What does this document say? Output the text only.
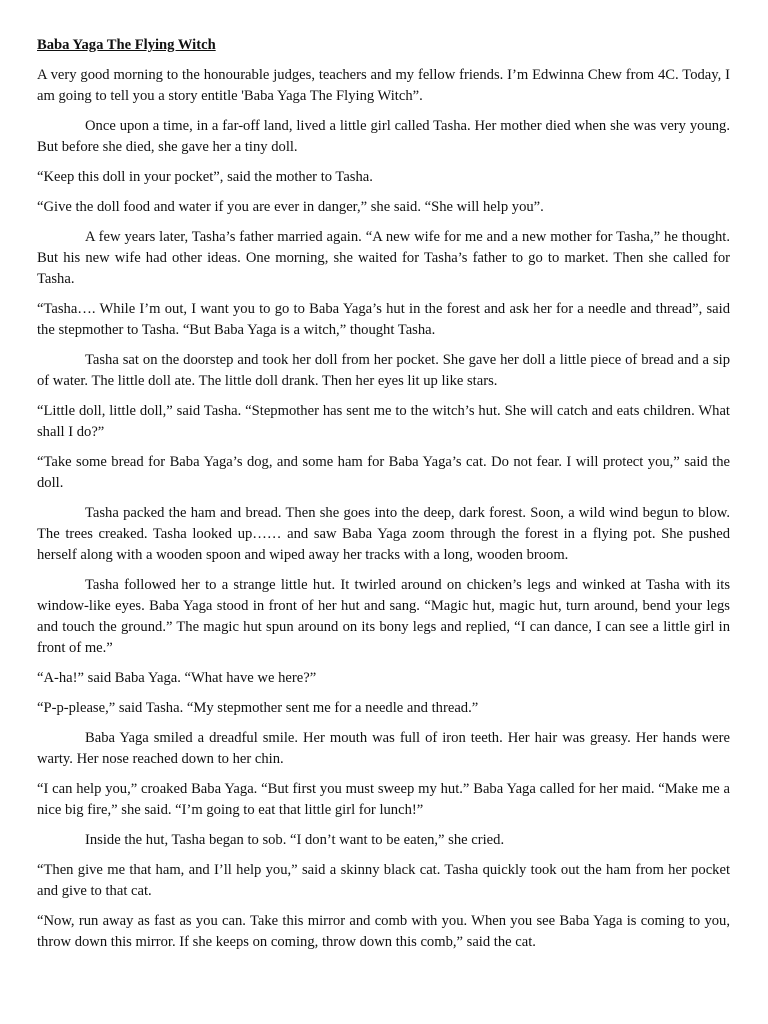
Baba Yaga The Flying Witch

A very good morning to the honourable judges, teachers and my fellow friends. I’m Edwinna Chew from 4C. Today, I am going to tell you a story entitle 'Baba Yaga The Flying Witch”.

Once upon a time, in a far-off land, lived a little girl called Tasha. Her mother died when she was very young. But before she died, she gave her a tiny doll.

“Keep this doll in your pocket”, said the mother to Tasha.

“Give the doll food and water if you are ever in danger,” she said. “She will help you”.

A few years later, Tasha’s father married again. “A new wife for me and a new mother for Tasha,” he thought. But his new wife had other ideas. One morning, she waited for Tasha’s father to go to market. Then she called for Tasha.

“Tasha…. While I’m out, I want you to go to Baba Yaga’s hut in the forest and ask her for a needle and thread”, said the stepmother to Tasha. “But Baba Yaga is a witch,” thought Tasha.

Tasha sat on the doorstep and took her doll from her pocket. She gave her doll a little piece of bread and a sip of water. The little doll ate. The little doll drank. Then her eyes lit up like stars.

“Little doll, little doll,” said Tasha. “Stepmother has sent me to the witch’s hut. She will catch and eats children. What shall I do?”

“Take some bread for Baba Yaga’s dog, and some ham for Baba Yaga’s cat. Do not fear. I will protect you,” said the doll.

Tasha packed the ham and bread. Then she goes into the deep, dark forest. Soon, a wild wind begun to blow. The trees creaked. Tasha looked up…… and saw Baba Yaga zoom through the forest in a flying pot. She pushed herself along with a wooden spoon and wiped away her tracks with a long, wooden broom.

Tasha followed her to a strange little hut. It twirled around on chicken’s legs and winked at Tasha with its window-like eyes. Baba Yaga stood in front of her hut and sang. “Magic hut, magic hut, turn around, bend your legs and touch the ground.” The magic hut spun around on its bony legs and replied, “I can dance, I can see a little girl in front of me.”

“A-ha!” said Baba Yaga. “What have we here?”

“P-p-please,” said Tasha. “My stepmother sent me for a needle and thread.”

Baba Yaga smiled a dreadful smile. Her mouth was full of iron teeth. Her hair was greasy. Her hands were warty. Her nose reached down to her chin.

“I can help you,” croaked Baba Yaga. “But first you must sweep my hut.” Baba Yaga called for her maid. “Make me a nice big fire,” she said. “I’m going to eat that little girl for lunch!”

Inside the hut, Tasha began to sob. “I don’t want to be eaten,” she cried.

“Then give me that ham, and I’ll help you,” said a skinny black cat. Tasha quickly took out the ham from her pocket and give to that cat.

“Now, run away as fast as you can. Take this mirror and comb with you. When you see Baba Yaga is coming to you, throw down this mirror. If she keeps on coming, throw down this comb,” said the cat.
